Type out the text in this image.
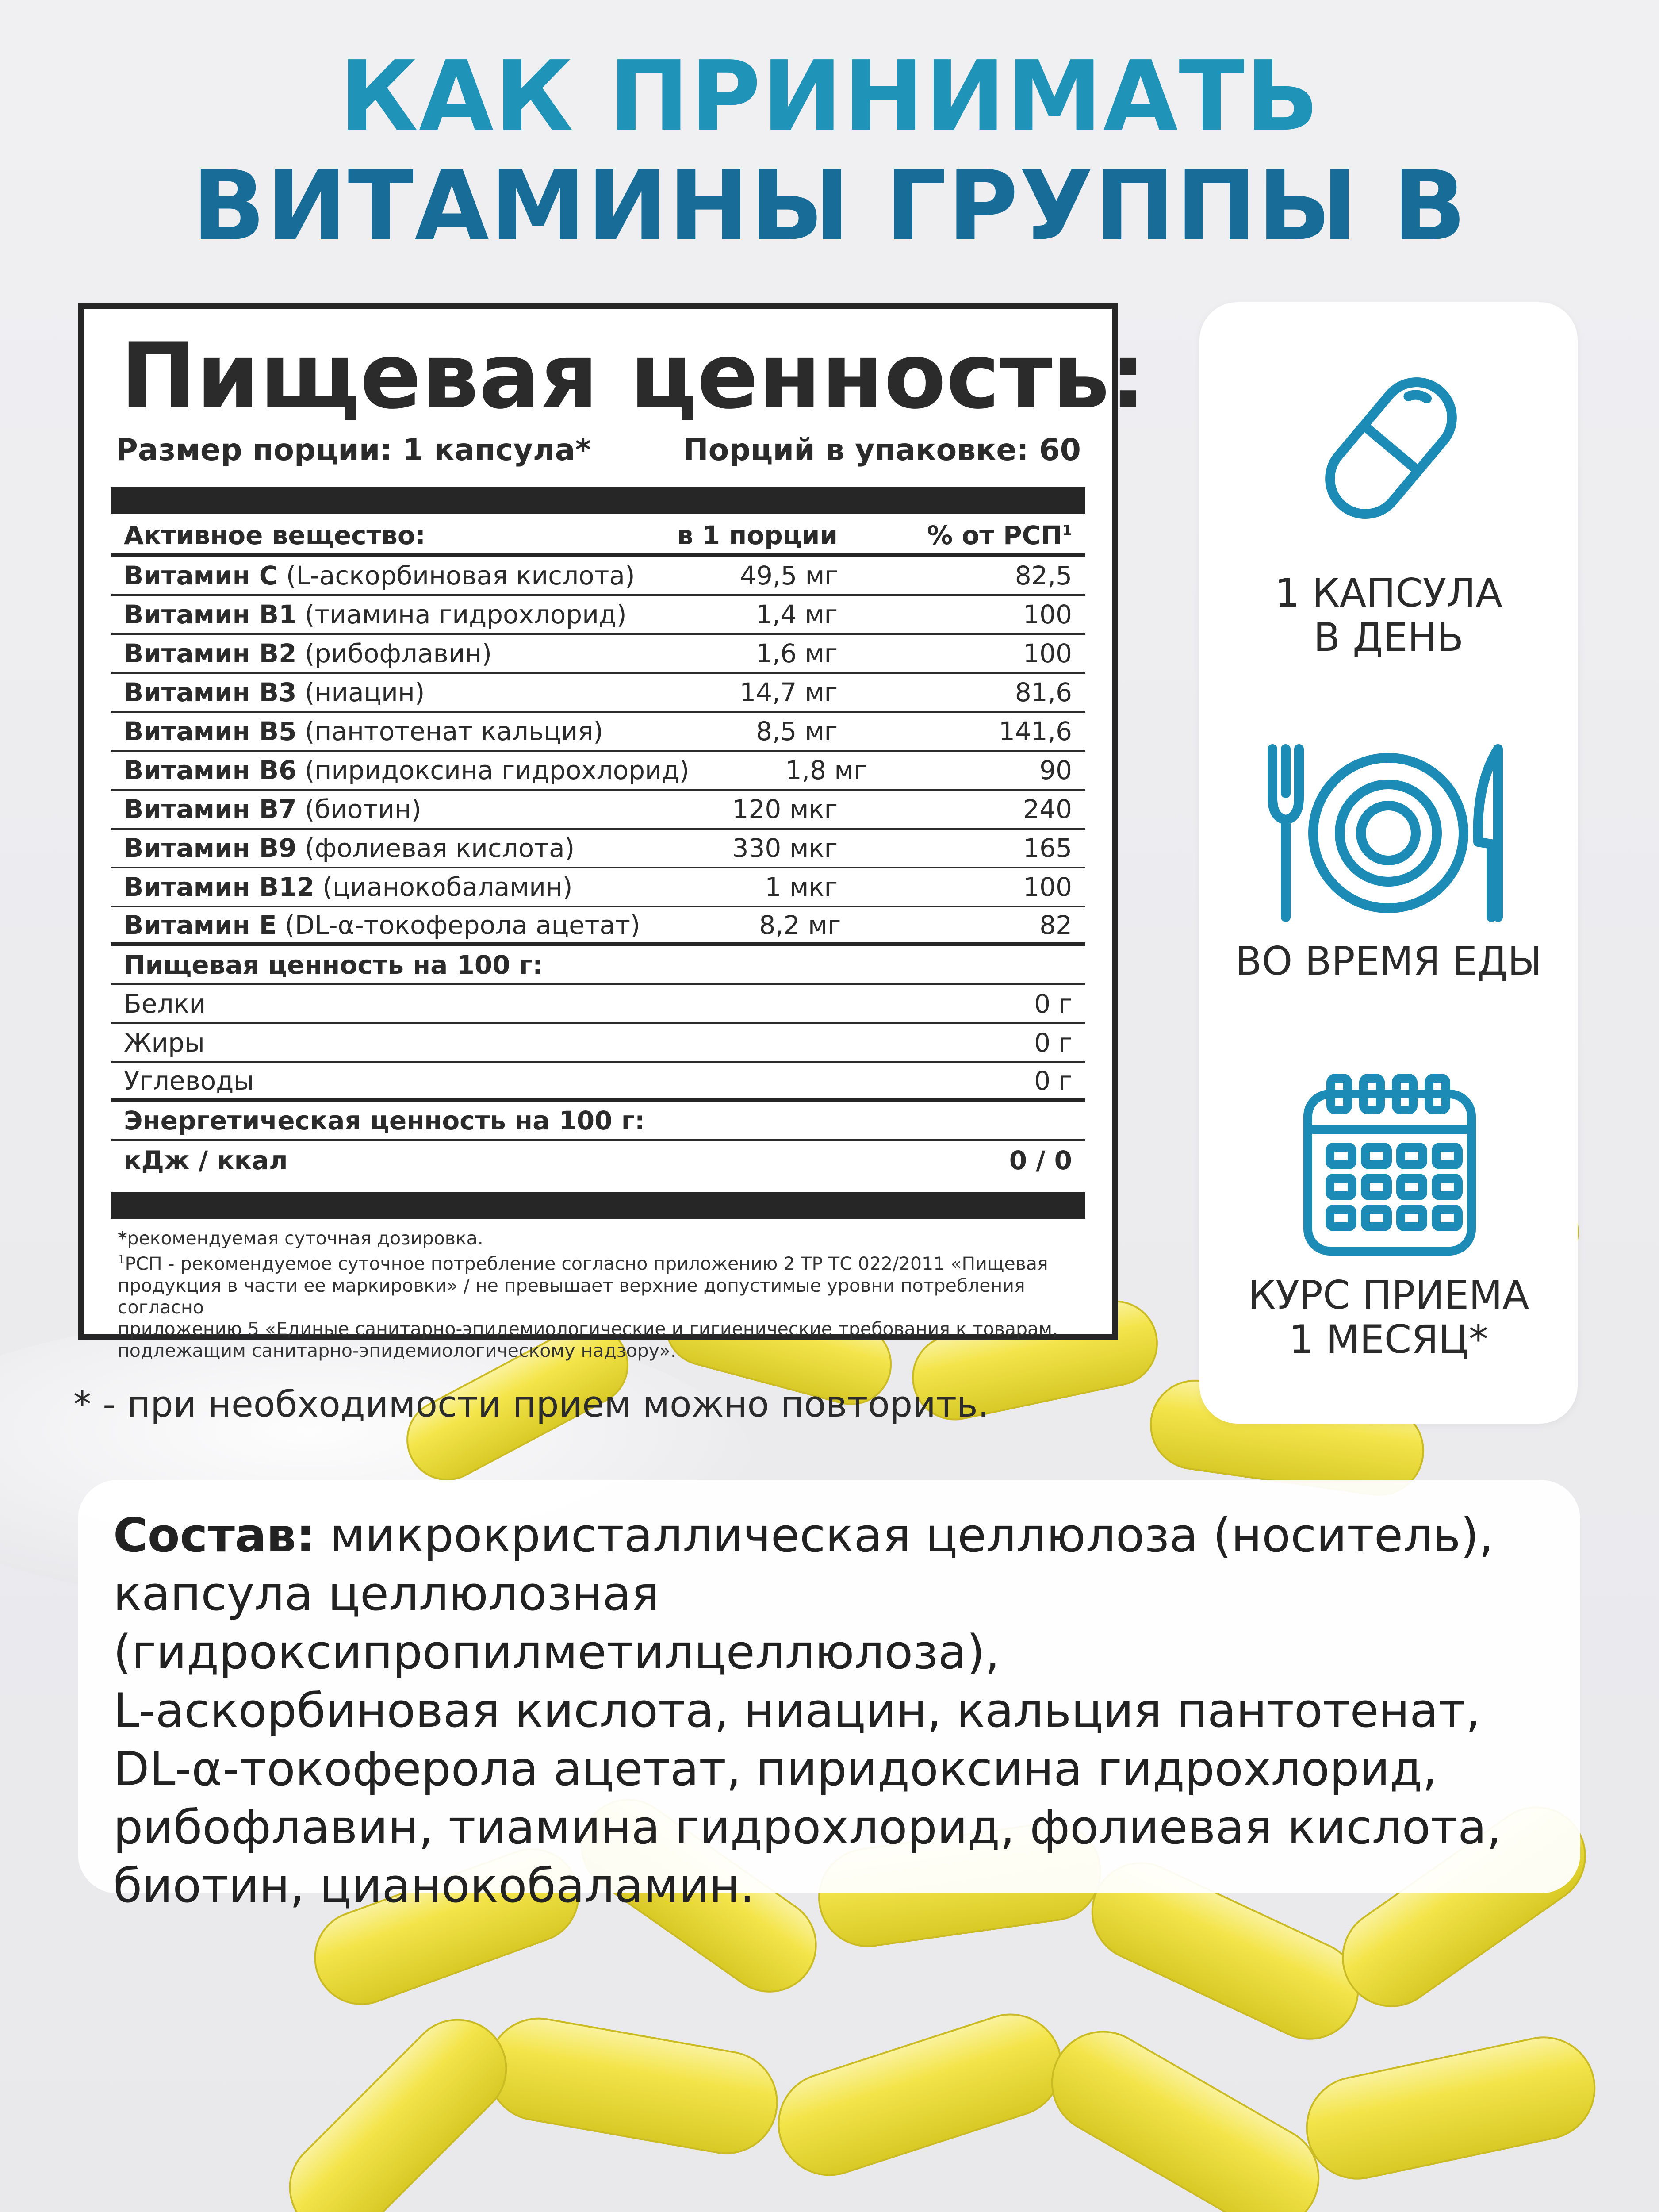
КАК ПРИНИМАТЬ
ВИТАМИНЫ ГРУППЫ В
Пищевая ценность:
Размер порции: 1 капсула*	Порций в упаковке: 60
Активное вещество:	в 1 порции	% от РСП$^1$
Витамин С (L-аскорбиновая кислота)	49,5 мг	82,5
Витамин В1 (тиамина гидрохлорид)	1,4 мг	100
Витамин В2 (рибофлавин)	1,6 мг	100
Витамин В3 (ниацин)	14,7 мг	81,6
Витамин В5 (пантотенат кальция)	8,5 мг	141,6
Витамин В6 (пиридоксина гидрохлорид)	1,8 мг	90
Витамин В7 (биотин)	120 мкг	240
Витамин В9 (фолиевая кислота)	330 мкг	165
Витамин В12 (цианокобаламин)	1 мкг	100
Витамин Е (DL-α-токоферола ацетат)	8,2 мг	82
Пищевая ценность на 100 г:
Белки	0 г
Жиры	0 г
Углеводы	0 г
Энергетическая ценность на 100 г:
кДж / ккал	0 / 0
*рекомендуемая суточная дозировка.
$^1$РСП - рекомендуемое суточное потребление согласно приложению 2 ТР ТС 022/2011 «Пищевая
продукция в части ее маркировки» / не превышает верхние допустимые уровни потребления согласно
приложению 5 «Единые санитарно-эпидемиологические и гигиенические требования к товарам,
подлежащим санитарно-эпидемиологическому надзору».
1 КАПСУЛА
В ДЕНЬ
ВО ВРЕМЯ ЕДЫ
КУРС ПРИЕМА
1 МЕСЯЦ*
* - при необходимости прием можно повторить.
Состав: микрокристаллическая целлюлоза (носитель),
капсула целлюлозная (гидроксипропилметилцеллюлоза),
L-аскорбиновая кислота, ниацин, кальция пантотенат,
DL-α-токоферола ацетат, пиридоксина гидрохлорид,
рибофлавин, тиамина гидрохлорид, фолиевая кислота,
биотин, цианокобаламин.
